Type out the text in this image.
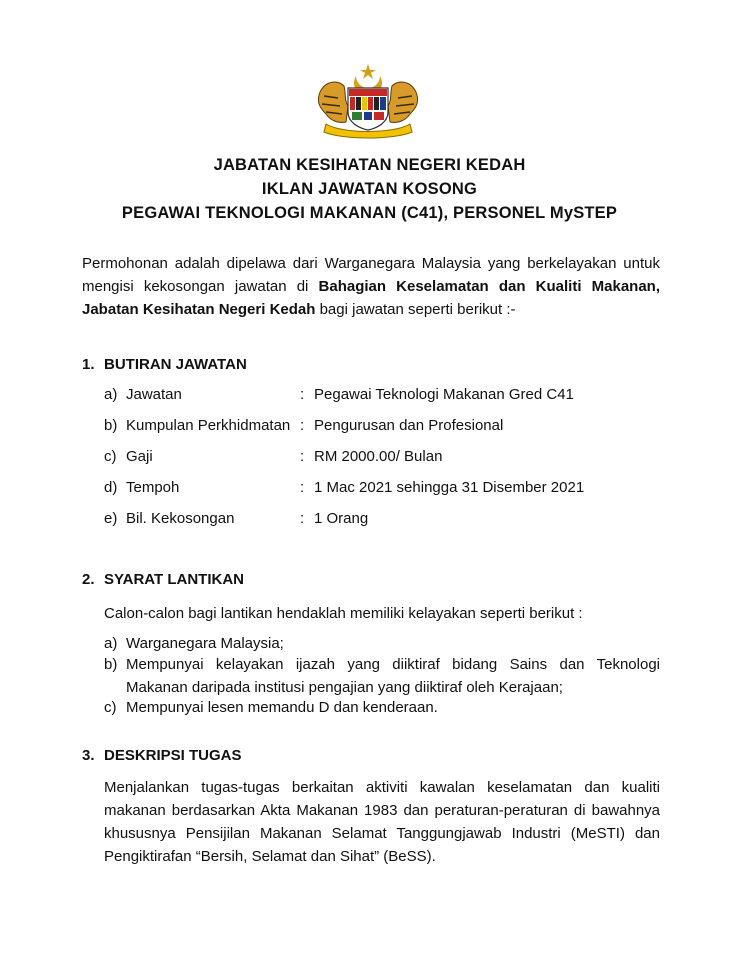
JABATAN KESIHATAN NEGERI KEDAH
IKLAN JAWATAN KOSONG
PEGAWAI TEKNOLOGI MAKANAN (C41), PERSONEL MySTEP
Permohonan adalah dipelawa dari Warganegara Malaysia yang berkelayakan untuk mengisi kekosongan jawatan di Bahagian Keselamatan dan Kualiti Makanan, Jabatan Kesihatan Negeri Kedah bagi jawatan seperti berikut :-
1. BUTIRAN JAWATAN
a) Jawatan	: Pegawai Teknologi Makanan Gred C41
b) Kumpulan Perkhidmatan : Pengurusan dan Profesional
c) Gaji	: RM 2000.00/ Bulan
d) Tempoh	: 1 Mac 2021 sehingga 31 Disember 2021
e) Bil. Kekosongan	: 1 Orang
2. SYARAT LANTIKAN
Calon-calon bagi lantikan hendaklah memiliki kelayakan seperti berikut :
a) Warganegara Malaysia;
b) Mempunyai kelayakan ijazah yang diiktiraf bidang Sains dan Teknologi Makanan daripada institusi pengajian yang diiktiraf oleh Kerajaan;
c) Mempunyai lesen memandu D dan kenderaan.
3. DESKRIPSI TUGAS
Menjalankan tugas-tugas berkaitan aktiviti kawalan keselamatan dan kualiti makanan berdasarkan Akta Makanan 1983 dan peraturan-peraturan di bawahnya khususnya Pensijilan Makanan Selamat Tanggungjawab Industri (MeSTI) dan Pengiktirafan “Bersih, Selamat dan Sihat” (BeSS).
